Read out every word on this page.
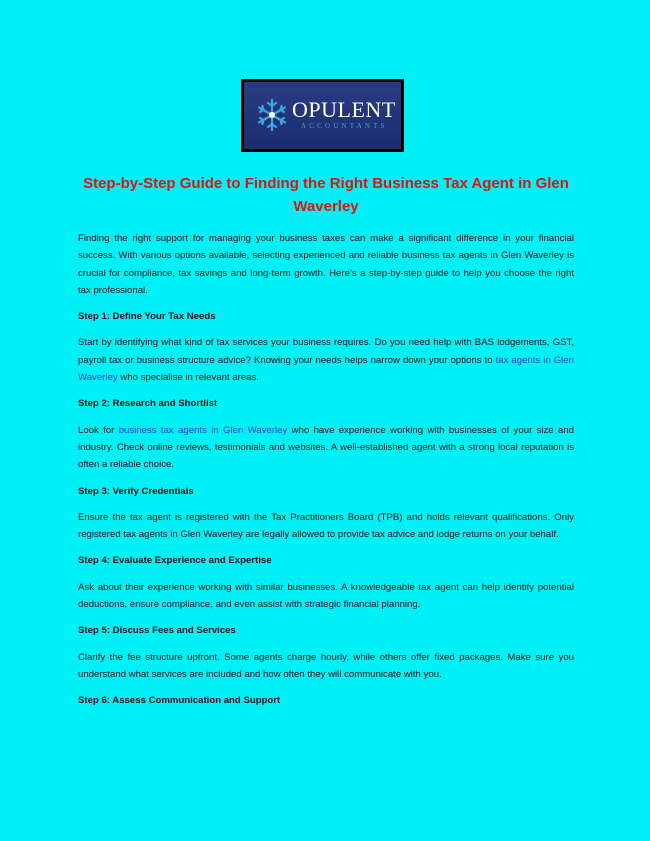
OPULENT
ACCOUNTANTS
Step-by-Step Guide to Finding the Right Business Tax Agent in Glen Waverley

Finding the right support for managing your business taxes can make a significant difference in your financial success. With various options available, selecting experienced and reliable business tax agents in Glen Waverley is crucial for compliance, tax savings and long-term growth. Here’s a step-by-step guide to help you choose the right tax professional.

Step 1: Define Your Tax Needs

Start by identifying what kind of tax services your business requires. Do you need help with BAS lodgements, GST, payroll tax or business structure advice? Knowing your needs helps narrow down your options to tax agents in Glen Waverley who specialise in relevant areas.

Step 2: Research and Shortlist

Look for business tax agents in Glen Waverley who have experience working with businesses of your size and industry. Check online reviews, testimonials and websites. A well-established agent with a strong local reputation is often a reliable choice.

Step 3: Verify Credentials

Ensure the tax agent is registered with the Tax Practitioners Board (TPB) and holds relevant qualifications. Only registered tax agents in Glen Waverley are legally allowed to provide tax advice and lodge returns on your behalf.

Step 4: Evaluate Experience and Expertise

Ask about their experience working with similar businesses. A knowledgeable tax agent can help identify potential deductions, ensure compliance, and even assist with strategic financial planning.

Step 5: Discuss Fees and Services

Clarify the fee structure upfront. Some agents charge hourly, while others offer fixed packages. Make sure you understand what services are included and how often they will communicate with you.

Step 6: Assess Communication and Support
